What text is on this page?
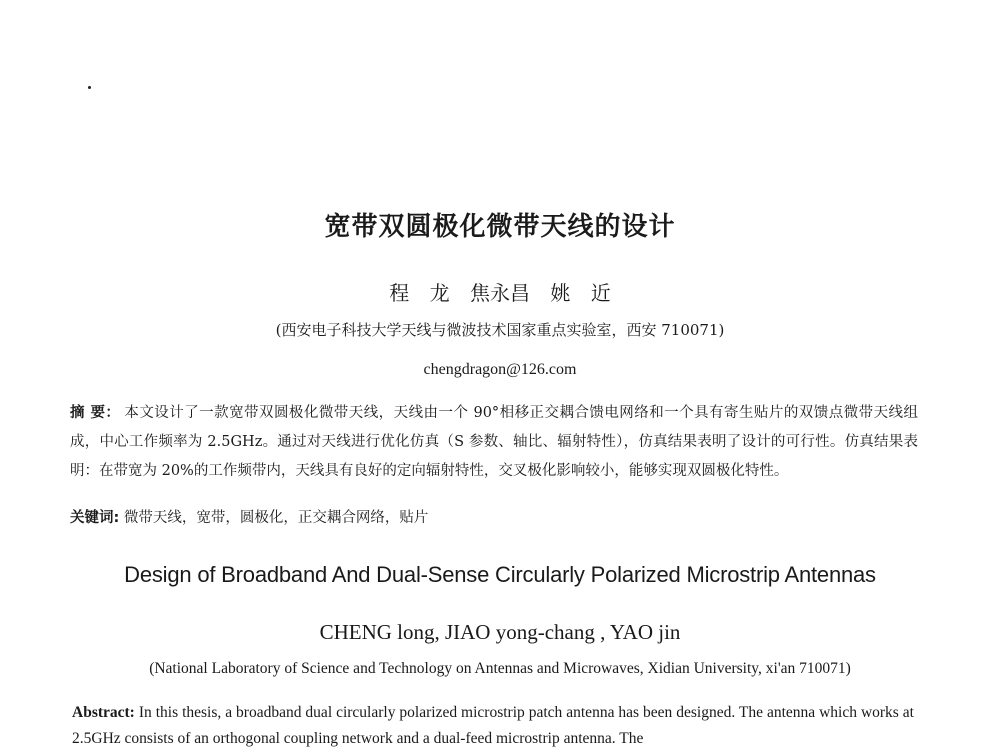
宽带双圆极化微带天线的设计
程 龙 焦永昌 姚 近
(西安电子科技大学天线与微波技术国家重点实验室，西安 710071)
chengdragon@126.com
摘 要： 本文设计了一款宽带双圆极化微带天线，天线由一个 90°相移正交耦合馈电网络和一个具有寄生贴片的双馈点微带天线组成，中心工作频率为 2.5GHz。通过对天线进行优化仿真（S 参数、轴比、辐射特性），仿真结果表明了设计的可行性。仿真结果表明：在带宽为 20%的工作频带内，天线具有良好的定向辐射特性，交叉极化影响较小，能够实现双圆极化特性。
关键词: 微带天线，宽带，圆极化，正交耦合网络，贴片
Design of Broadband And Dual-Sense Circularly Polarized Microstrip Antennas
CHENG long, JIAO yong-chang , YAO jin
(National Laboratory of Science and Technology on Antennas and Microwaves, Xidian University, xi'an 710071)
Abstract: In this thesis, a broadband dual circularly polarized microstrip patch antenna has been designed. The antenna which works at 2.5GHz consists of an orthogonal coupling network and a dual-feed microstrip antenna. The
